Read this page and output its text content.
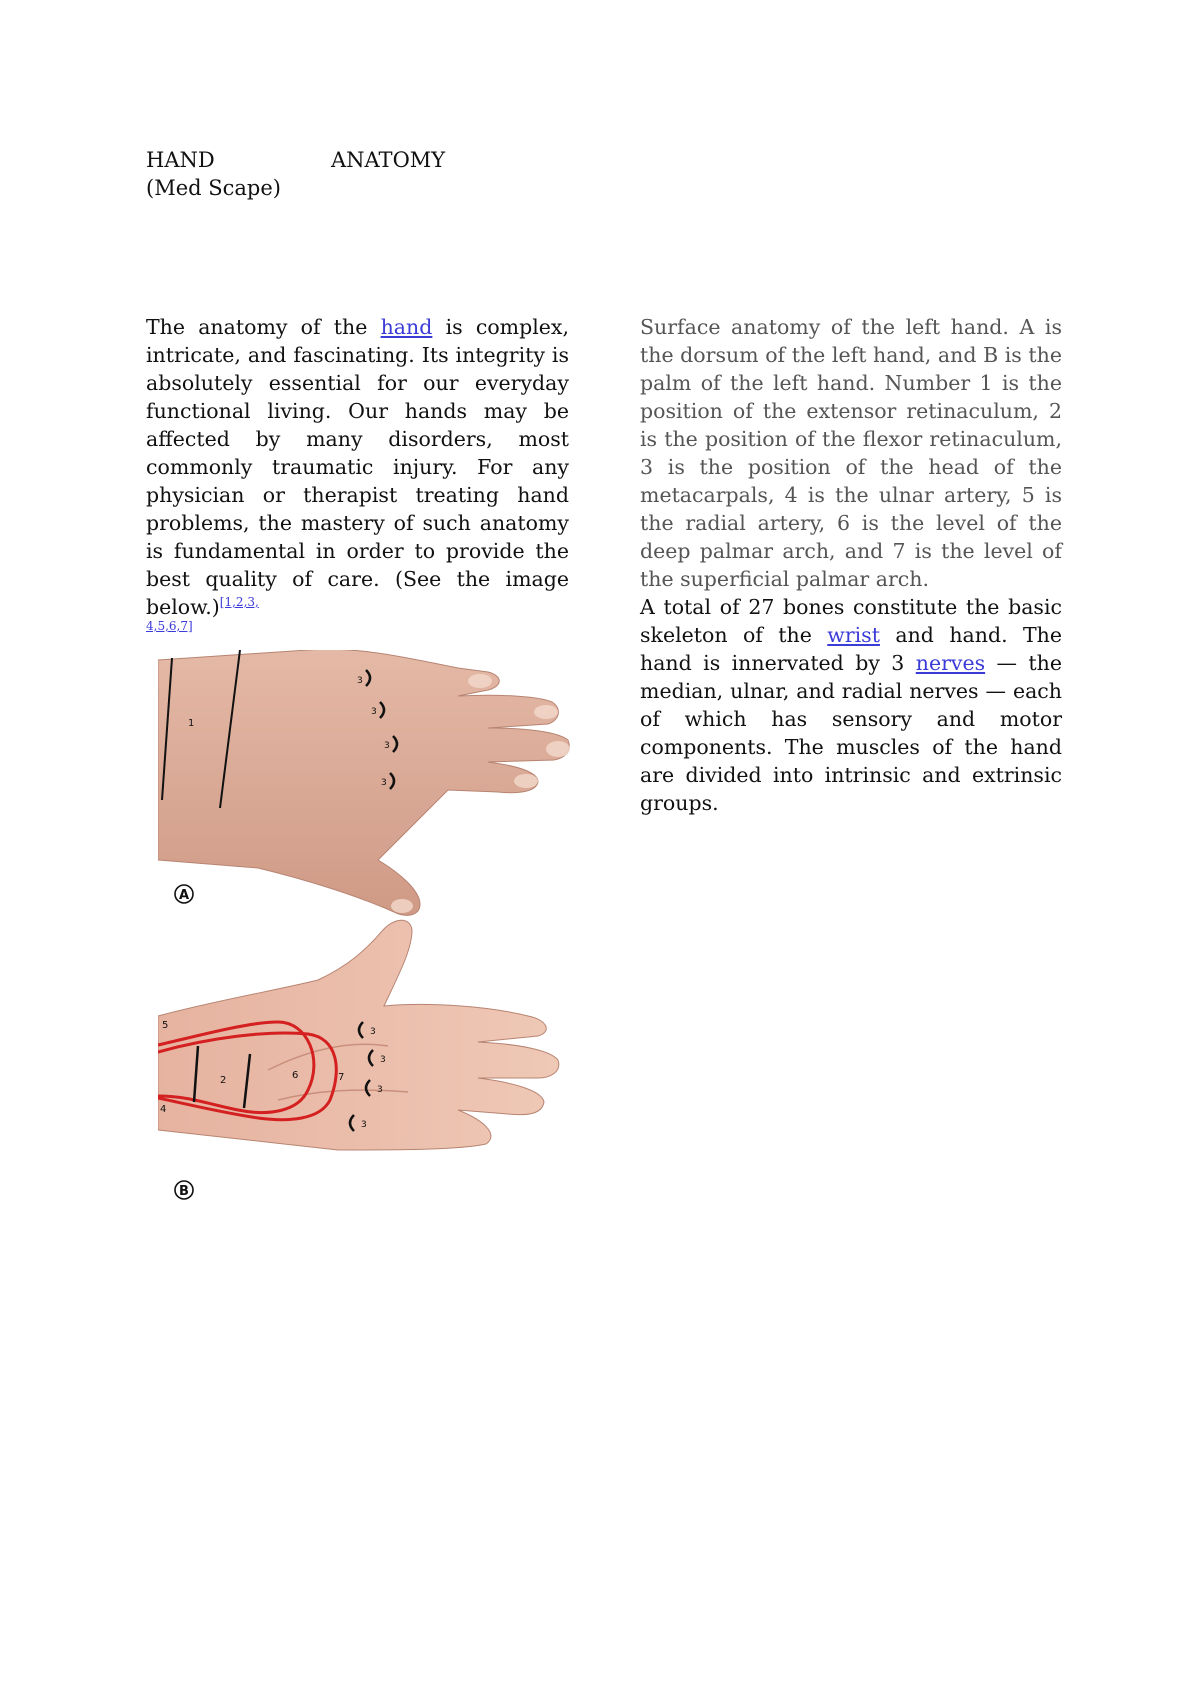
HAND	ANATOMY
(Med Scape)
The anatomy of the hand is complex, intricate, and fascinating. Its integrity is absolutely essential for our everyday functional living. Our hands may be affected by many disorders, most commonly traumatic injury. For any physician or therapist treating hand problems, the mastery of such anatomy is fundamental in order to provide the best quality of care. (See the image below.)$^{[1,2,3,}$
4,5,6,7]

Surface anatomy of the left hand. A is the dorsum of the left hand, and B is the palm of the left hand. Number 1 is the position of the extensor retinaculum, 2 is the position of the flexor retinaculum, 3 is the position of the head of the metacarpals, 4 is the ulnar artery, 5 is the radial artery, 6 is the level of the deep palmar arch, and 7 is the level of the superficial palmar arch.

A total of 27 bones constitute the basic skeleton of the wrist and hand. The hand is innervated by 3 nerves — the median, ulnar, and radial nerves — each of which has sensory and motor components. The muscles of the hand are divided into intrinsic and extrinsic groups.

1
3
3
3
3
A
5
4
2	6	7
3
3
3
3
B
